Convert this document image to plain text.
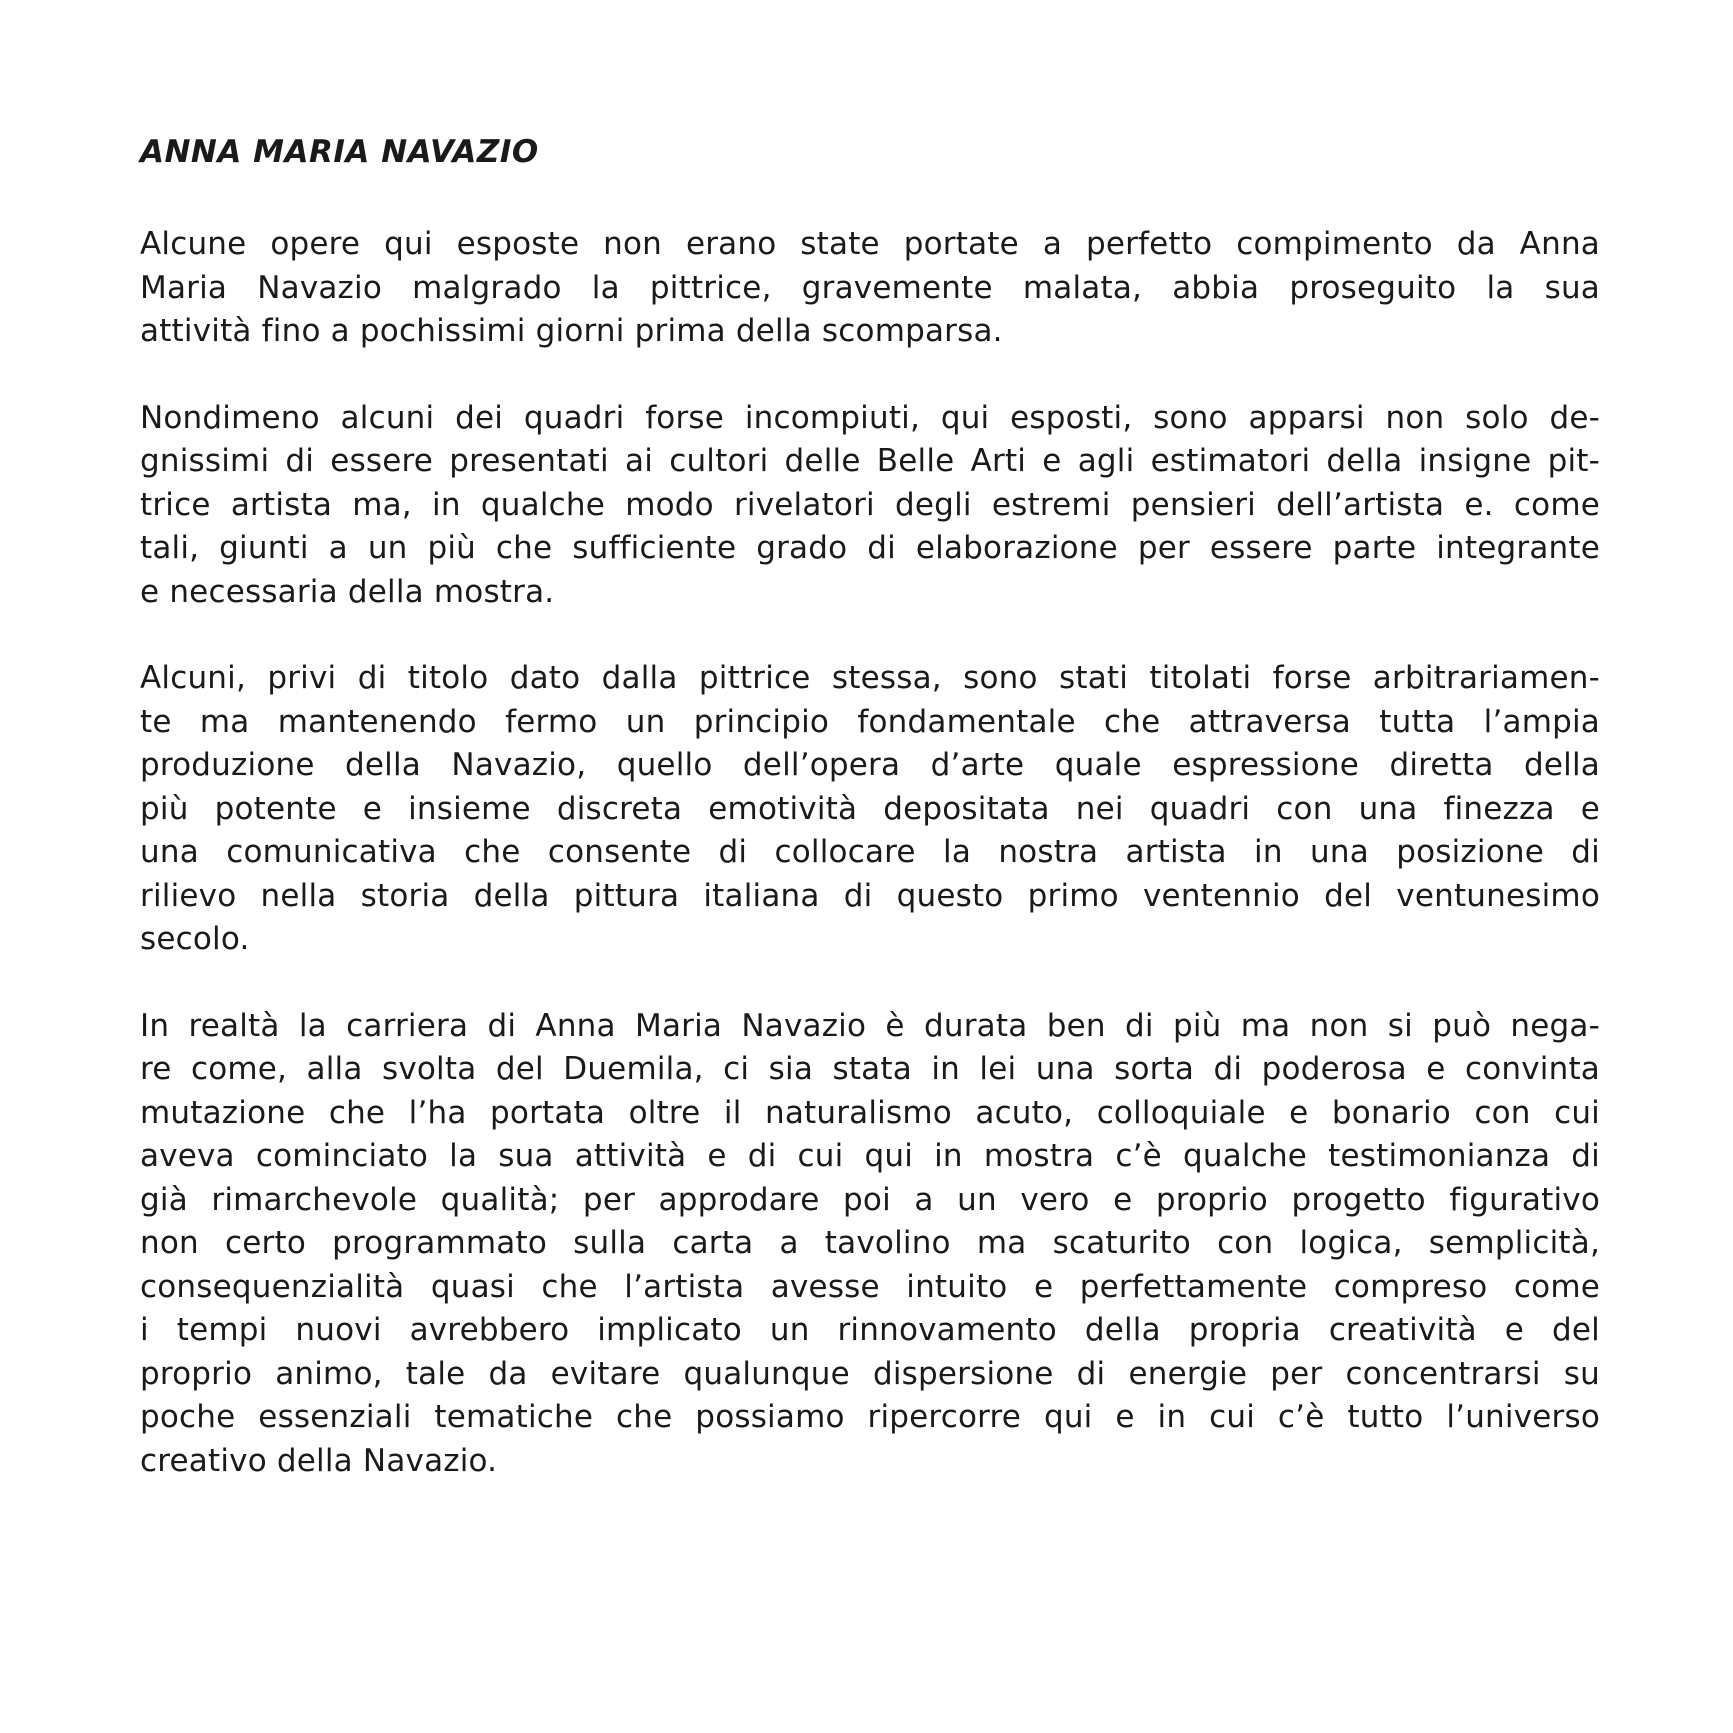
ANNA MARIA NAVAZIO
Alcune opere qui esposte non erano state portate a perfetto compimento da Anna
Maria Navazio malgrado la pittrice, gravemente malata, abbia proseguito la sua
attività fino a pochissimi giorni prima della scomparsa.
Nondimeno alcuni dei quadri forse incompiuti, qui esposti, sono apparsi non solo de-
gnissimi di essere presentati ai cultori delle Belle Arti e agli estimatori della insigne pit-
trice artista ma, in qualche modo rivelatori degli estremi pensieri dell’artista e. come
tali, giunti a un più che sufficiente grado di elaborazione per essere parte integrante
e necessaria della mostra.
Alcuni, privi di titolo dato dalla pittrice stessa, sono stati titolati forse arbitrariamen-
te ma mantenendo fermo un principio fondamentale che attraversa tutta l’ampia
produzione della Navazio, quello dell’opera d’arte quale espressione diretta della
più potente e insieme discreta emotività depositata nei quadri con una finezza e
una comunicativa che consente di collocare la nostra artista in una posizione di
rilievo nella storia della pittura italiana di questo primo ventennio del ventunesimo
secolo.
In realtà la carriera di Anna Maria Navazio è durata ben di più ma non si può nega-
re come, alla svolta del Duemila, ci sia stata in lei una sorta di poderosa e convinta
mutazione che l’ha portata oltre il naturalismo acuto, colloquiale e bonario con cui
aveva cominciato la sua attività e di cui qui in mostra c’è qualche testimonianza di
già rimarchevole qualità; per approdare poi a un vero e proprio progetto figurativo
non certo programmato sulla carta a tavolino ma scaturito con logica, semplicità,
consequenzialità quasi che l’artista avesse intuito e perfettamente compreso come
i tempi nuovi avrebbero implicato un rinnovamento della propria creatività e del
proprio animo, tale da evitare qualunque dispersione di energie per concentrarsi su
poche essenziali tematiche che possiamo ripercorre qui e in cui c’è tutto l’universo
creativo della Navazio.
